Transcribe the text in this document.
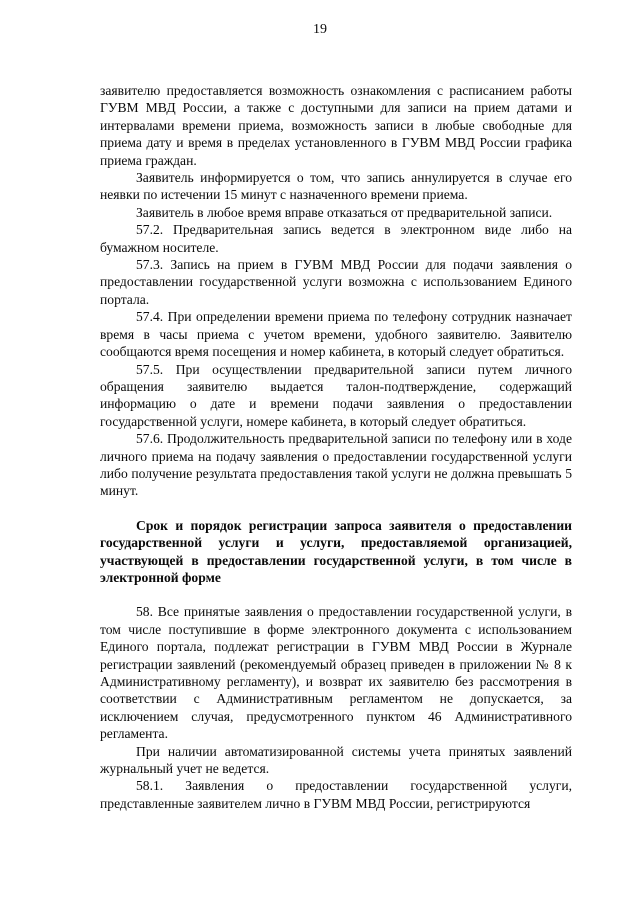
19

заявителю предоставляется возможность ознакомления с расписанием работы ГУВМ МВД России, а также с доступными для записи на прием датами и интервалами времени приема, возможность записи в любые свободные для приема дату и время в пределах установленного в ГУВМ МВД России графика приема граждан.

Заявитель информируется о том, что запись аннулируется в случае его неявки по истечении 15 минут с назначенного времени приема.

Заявитель в любое время вправе отказаться от предварительной записи.

57.2. Предварительная запись ведется в электронном виде либо на бумажном носителе.

57.3. Запись на прием в ГУВМ МВД России для подачи заявления о предоставлении государственной услуги возможна с использованием Единого портала.

57.4. При определении времени приема по телефону сотрудник назначает время в часы приема с учетом времени, удобного заявителю. Заявителю сообщаются время посещения и номер кабинета, в который следует обратиться.

57.5. При осуществлении предварительной записи путем личного обращения заявителю выдается талон-подтверждение, содержащий информацию о дате и времени подачи заявления о предоставлении государственной услуги, номере кабинета, в который следует обратиться.

57.6. Продолжительность предварительной записи по телефону или в ходе личного приема на подачу заявления о предоставлении государственной услуги либо получение результата предоставления такой услуги не должна превышать 5 минут.

Срок и порядок регистрации запроса заявителя о предоставлении государственной услуги и услуги, предоставляемой организацией, участвующей в предоставлении государственной услуги, в том числе в электронной форме

58. Все принятые заявления о предоставлении государственной услуги, в том числе поступившие в форме электронного документа с использованием Единого портала, подлежат регистрации в ГУВМ МВД России в Журнале регистрации заявлений (рекомендуемый образец приведен в приложении № 8 к Административному регламенту), и возврат их заявителю без рассмотрения в соответствии с Административным регламентом не допускается, за исключением случая, предусмотренного пунктом 46 Административного регламента.

При наличии автоматизированной системы учета принятых заявлений журнальный учет не ведется.

58.1. Заявления о предоставлении государственной услуги, представленные заявителем лично в ГУВМ МВД России, регистрируются
